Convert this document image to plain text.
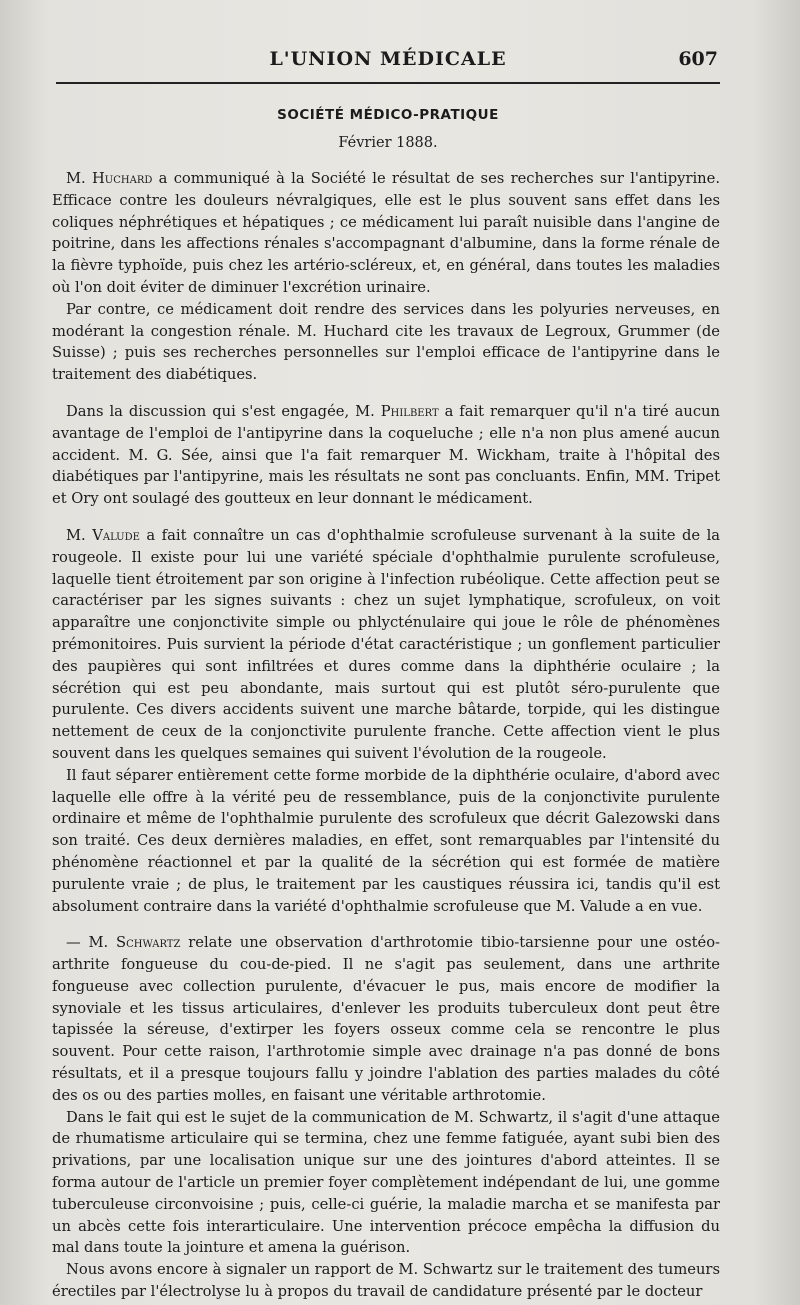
L'UNION MÉDICALE	607
SOCIÉTÉ MÉDICO-PRATIQUE
Février 1888.

M. Huchard a communiqué à la Société le résultat de ses recherches sur l'antipyrine. Efficace contre les douleurs névralgiques, elle est le plus souvent sans effet dans les coliques néphrétiques et hépatiques ; ce médicament lui paraît nuisible dans l'angine de poitrine, dans les affections rénales s'accompagnant d'albumine, dans la forme rénale de la fièvre typhoïde, puis chez les artério-scléreux, et, en général, dans toutes les maladies où l'on doit éviter de diminuer l'excrétion urinaire.

Par contre, ce médicament doit rendre des services dans les polyuries nerveuses, en modérant la congestion rénale. M. Huchard cite les travaux de Legroux, Grummer (de Suisse) ; puis ses recherches personnelles sur l'emploi efficace de l'antipyrine dans le traitement des diabétiques.

Dans la discussion qui s'est engagée, M. Philbert a fait remarquer qu'il n'a tiré aucun avantage de l'emploi de l'antipyrine dans la coqueluche ; elle n'a non plus amené aucun accident. M. G. Sée, ainsi que l'a fait remarquer M. Wickham, traite à l'hôpital des diabétiques par l'antipyrine, mais les résultats ne sont pas concluants. Enfin, MM. Tripet et Ory ont soulagé des goutteux en leur donnant le médicament.

M. Valude a fait connaître un cas d'ophthalmie scrofuleuse survenant à la suite de la rougeole. Il existe pour lui une variété spéciale d'ophthalmie purulente scrofuleuse, laquelle tient étroitement par son origine à l'infection rubéolique. Cette affection peut se caractériser par les signes suivants : chez un sujet lymphatique, scrofuleux, on voit apparaître une conjonctivite simple ou phlycténulaire qui joue le rôle de phénomènes prémonitoires. Puis survient la période d'état caractéristique ; un gonflement particulier des paupières qui sont infiltrées et dures comme dans la diphthérie oculaire ; la sécrétion qui est peu abondante, mais surtout qui est plutôt séro-purulente que purulente. Ces divers accidents suivent une marche bâtarde, torpide, qui les distingue nettement de ceux de la conjonctivite purulente franche. Cette affection vient le plus souvent dans les quelques semaines qui suivent l'évolution de la rougeole.

Il faut séparer entièrement cette forme morbide de la diphthérie oculaire, d'abord avec laquelle elle offre à la vérité peu de ressemblance, puis de la conjonctivite purulente ordinaire et même de l'ophthalmie purulente des scrofuleux que décrit Galezowski dans son traité. Ces deux dernières maladies, en effet, sont remarquables par l'intensité du phénomène réactionnel et par la qualité de la sécrétion qui est formée de matière purulente vraie ; de plus, le traitement par les caustiques réussira ici, tandis qu'il est absolument contraire dans la variété d'ophthalmie scrofuleuse que M. Valude a en vue.

— M. Schwartz relate une observation d'arthrotomie tibio-tarsienne pour une ostéo-arthrite fongueuse du cou-de-pied. Il ne s'agit pas seulement, dans une arthrite fongueuse avec collection purulente, d'évacuer le pus, mais encore de modifier la synoviale et les tissus articulaires, d'enlever les produits tuberculeux dont peut être tapissée la séreuse, d'extirper les foyers osseux comme cela se rencontre le plus souvent. Pour cette raison, l'arthrotomie simple avec drainage n'a pas donné de bons résultats, et il a presque toujours fallu y joindre l'ablation des parties malades du côté des os ou des parties molles, en faisant une véritable arthrotomie.

Dans le fait qui est le sujet de la communication de M. Schwartz, il s'agit d'une attaque de rhumatisme articulaire qui se termina, chez une femme fatiguée, ayant subi bien des privations, par une localisation unique sur une des jointures d'abord atteintes. Il se forma autour de l'article un premier foyer complètement indépendant de lui, une gomme tuberculeuse circonvoisine ; puis, celle-ci guérie, la maladie marcha et se manifesta par un abcès cette fois interarticulaire. Une intervention précoce empêcha la diffusion du mal dans toute la jointure et amena la guérison.

Nous avons encore à signaler un rapport de M. Schwartz sur le traitement des tumeurs érectiles par l'électrolyse lu à propos du travail de candidature présenté par le docteur
